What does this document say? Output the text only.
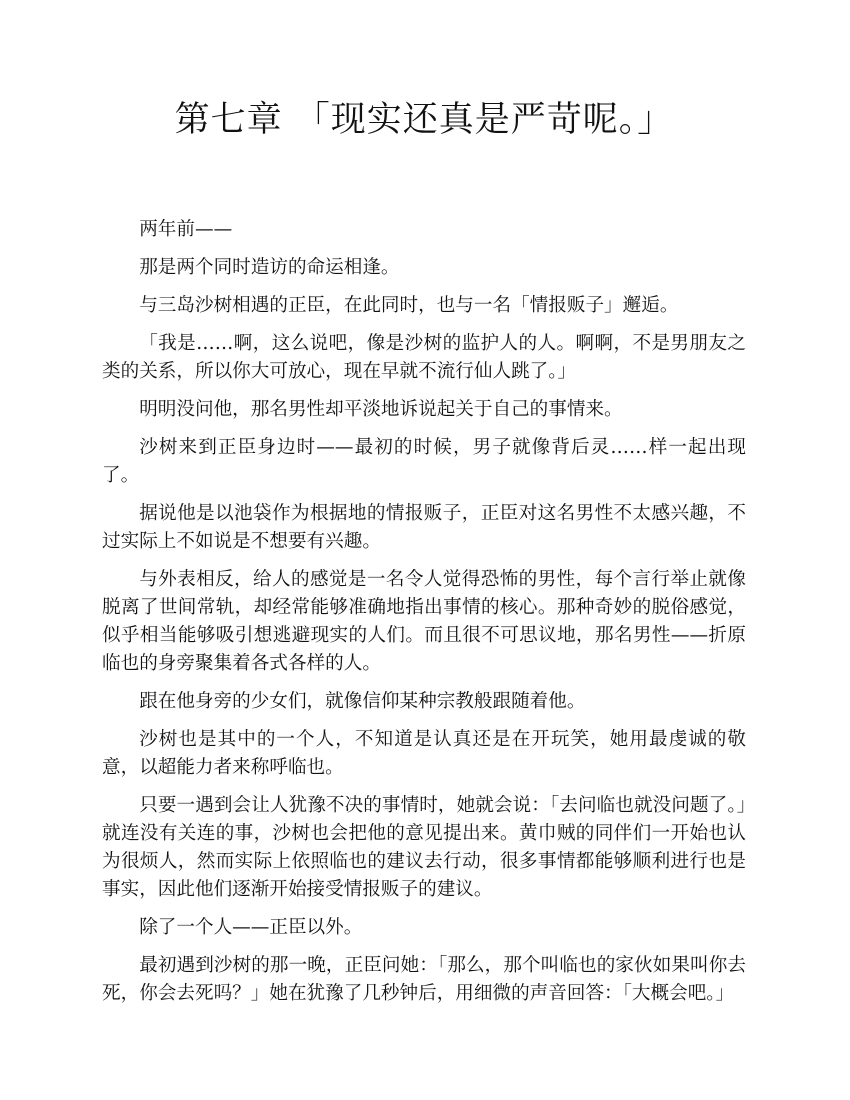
第七章 「现实还真是严苛呢。」

两年前——

那是两个同时造访的命运相逢。

与三岛沙树相遇的正臣，在此同时，也与一名「情报贩子」邂逅。

「我是……啊，这么说吧，像是沙树的监护人的人。啊啊，不是男朋友之类的关系，所以你大可放心，现在早就不流行仙人跳了。」

明明没问他，那名男性却平淡地诉说起关于自己的事情来。

沙树来到正臣身边时——最初的时候，男子就像背后灵……样一起出现了。

据说他是以池袋作为根据地的情报贩子，正臣对这名男性不太感兴趣，不过实际上不如说是不想要有兴趣。

与外表相反，给人的感觉是一名令人觉得恐怖的男性，每个言行举止就像脱离了世间常轨，却经常能够准确地指出事情的核心。那种奇妙的脱俗感觉，似乎相当能够吸引想逃避现实的人们。而且很不可思议地，那名男性——折原临也的身旁聚集着各式各样的人。

跟在他身旁的少女们，就像信仰某种宗教般跟随着他。

沙树也是其中的一个人，不知道是认真还是在开玩笑，她用最虔诚的敬意，以超能力者来称呼临也。

只要一遇到会让人犹豫不决的事情时，她就会说：「去问临也就没问题了。」就连没有关连的事，沙树也会把他的意见提出来。黄巾贼的同伴们一开始也认为很烦人，然而实际上依照临也的建议去行动，很多事情都能够顺利进行也是事实，因此他们逐渐开始接受情报贩子的建议。

除了一个人——正臣以外。

最初遇到沙树的那一晚，正臣问她：「那么，那个叫临也的家伙如果叫你去死，你会去死吗？」她在犹豫了几秒钟后，用细微的声音回答：「大概会吧。」
